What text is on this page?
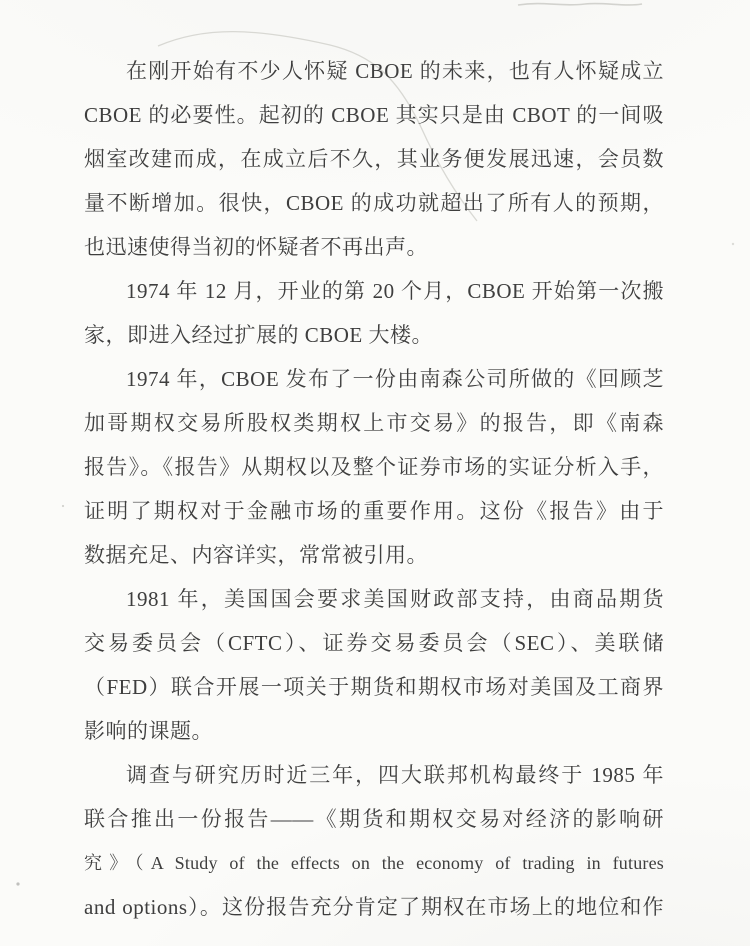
在刚开始有不少人怀疑 CBOE 的未来，也有人怀疑成立
CBOE 的必要性。起初的 CBOE 其实只是由 CBOT 的一间吸
烟室改建而成，在成立后不久，其业务便发展迅速，会员数
量不断增加。很快，CBOE 的成功就超出了所有人的预期，
也迅速使得当初的怀疑者不再出声。
1974 年 12 月，开业的第 20 个月，CBOE 开始第一次搬
家，即进入经过扩展的 CBOE 大楼。
1974 年，CBOE 发布了一份由南森公司所做的《回顾芝
加哥期权交易所股权类期权上市交易》的报告，即《南森
报告》。《报告》从期权以及整个证券市场的实证分析入手，
证明了期权对于金融市场的重要作用。这份《报告》由于
数据充足、内容详实，常常被引用。
1981 年，美国国会要求美国财政部支持，由商品期货
交易委员会（CFTC）、证券交易委员会（SEC）、美联储
（FED）联合开展一项关于期货和期权市场对美国及工商界
影响的课题。
调查与研究历时近三年，四大联邦机构最终于 1985 年
联合推出一份报告——《期货和期权交易对经济的影响研
究》（A Study of the effects on the economy of trading in futures
and options）。这份报告充分肯定了期权在市场上的地位和作
